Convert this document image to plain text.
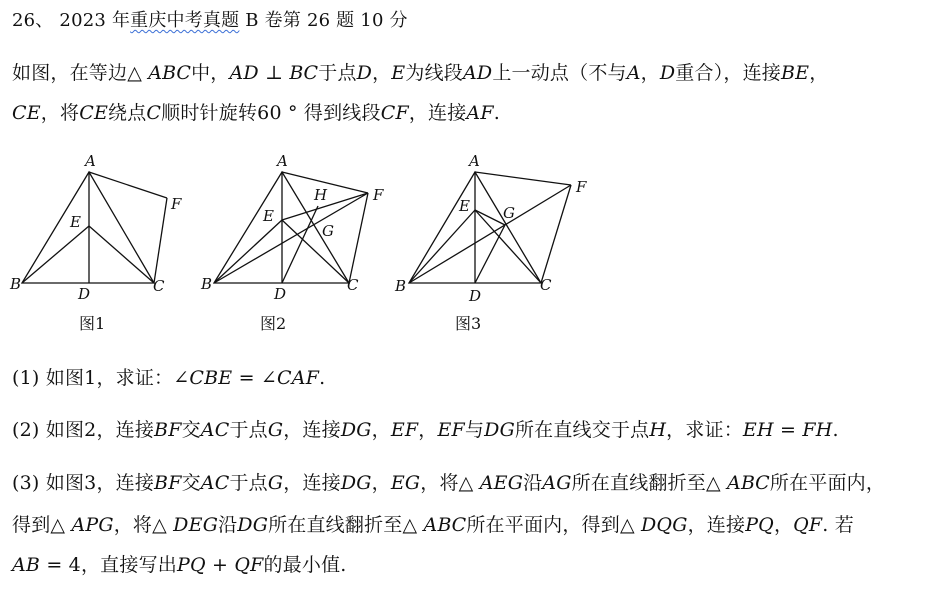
26、 2023 年重庆中考真题 B 卷第 26 题 10 分
如图，在等边△ 𝐴𝐵𝐶中，𝐴𝐷 ⊥ 𝐵𝐶于点𝐷，𝐸为线段𝐴𝐷上一动点（不与𝐴，𝐷重合），连接𝐵𝐸，
𝐶𝐸，将𝐶𝐸绕点𝐶顺时针旋转60 ° 得到线段𝐶𝐹，连接𝐴𝐹.
A
B	C
D
E
F
图1
A
B	C
D
E
F
G
H
图2
A
B	C
D
E
F
G
图3
(1) 如图1，求证：∠𝐶𝐵𝐸 = ∠𝐶𝐴𝐹.
(2) 如图2，连接𝐵𝐹交𝐴𝐶于点𝐺，连接𝐷𝐺，𝐸𝐹，𝐸𝐹与𝐷𝐺所在直线交于点𝐻，求证：𝐸𝐻 = 𝐹𝐻.
(3) 如图3，连接𝐵𝐹交𝐴𝐶于点𝐺，连接𝐷𝐺，𝐸𝐺，将△ 𝐴𝐸𝐺沿𝐴𝐺所在直线翻折至△ 𝐴𝐵𝐶所在平面内，
得到△ 𝐴𝑃𝐺，将△ 𝐷𝐸𝐺沿𝐷𝐺所在直线翻折至△ 𝐴𝐵𝐶所在平面内，得到△ 𝐷𝑄𝐺，连接𝑃𝑄，𝑄𝐹. 若
𝐴𝐵 = 4，直接写出𝑃𝑄 + 𝑄𝐹的最小值.
